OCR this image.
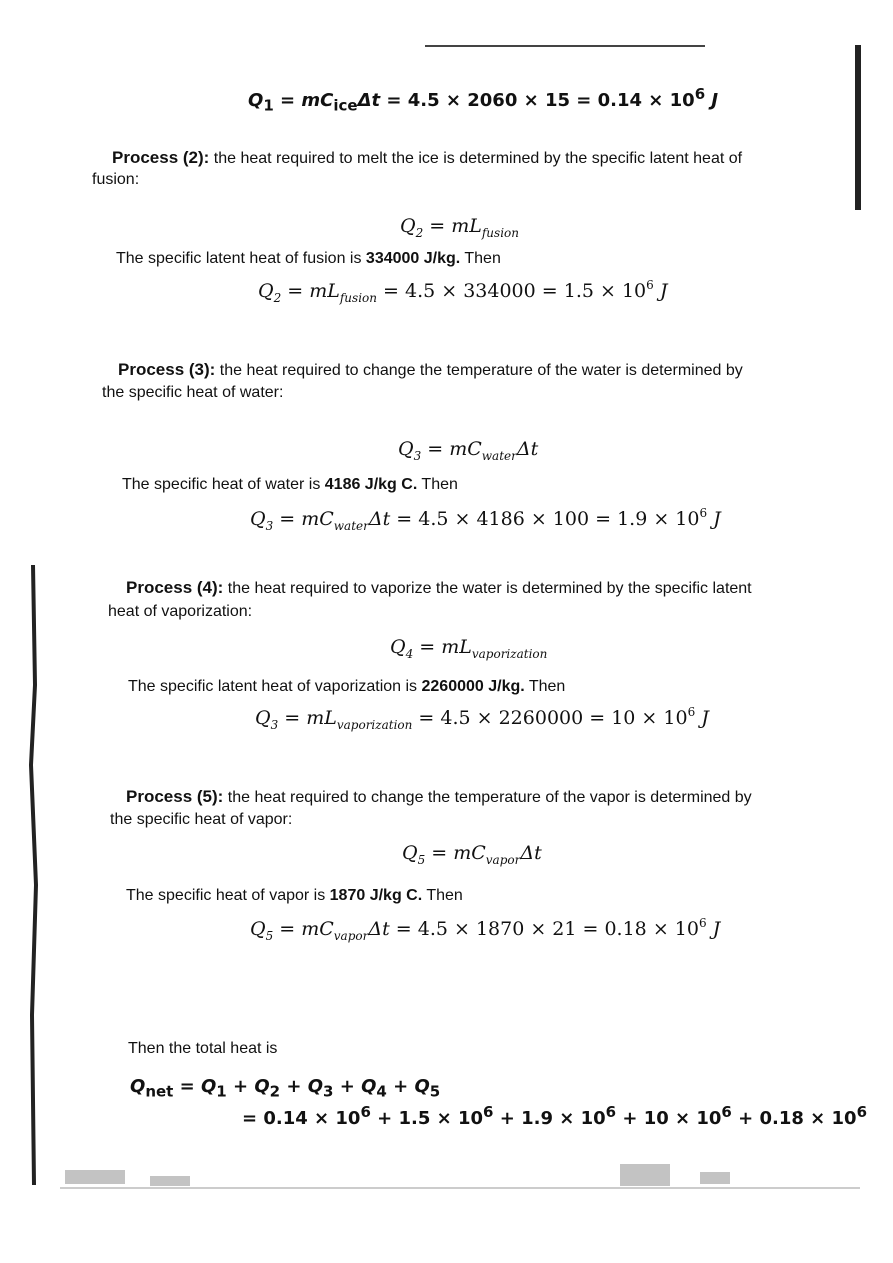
$Q_1 = mC_{ice}\Delta t = 4.5 \times 2060 \times 15 = 0.14 \times 10^6$ J
Process (2): the heat required to melt the ice is determined by the specific latent heat of
fusion:
$Q_2 = mL_{fusion}$
The specific latent heat of fusion is 334000 J/kg. Then
$Q_2 = mL_{fusion} = 4.5 \times 334000 = 1.5 \times 10^6$ J
Process (3): the heat required to change the temperature of the water is determined by
the specific heat of water:
$Q_3 = mC_{water}\Delta t$
The specific heat of water is 4186 J/kg C. Then
$Q_3 = mC_{water}\Delta t = 4.5 \times 4186 \times 100 = 1.9 \times 10^6$ J
Process (4): the heat required to vaporize the water is determined by the specific latent
heat of vaporization:
$Q_4 = mL_{vaporization}$
The specific latent heat of vaporization is 2260000 J/kg. Then
$Q_3 = mL_{vaporization} = 4.5 \times 2260000 = 10 \times 10^6$ J
Process (5): the heat required to change the temperature of the vapor is determined by
the specific heat of vapor:
$Q_5 = mC_{vapor}\Delta t$
The specific heat of vapor is 1870 J/kg C. Then
$Q_5 = mC_{vapor}\Delta t = 4.5 \times 1870 \times 21 = 0.18 \times 10^6$ J
Then the total heat is
$Q_{net} = Q_1 + Q_2 + Q_3 + Q_4 + Q_5$
= $0.14 \times 10^6 + 1.5 \times 10^6 + 1.9 \times 10^6 + 10 \times 10^6 + 0.18 \times 10^6$
